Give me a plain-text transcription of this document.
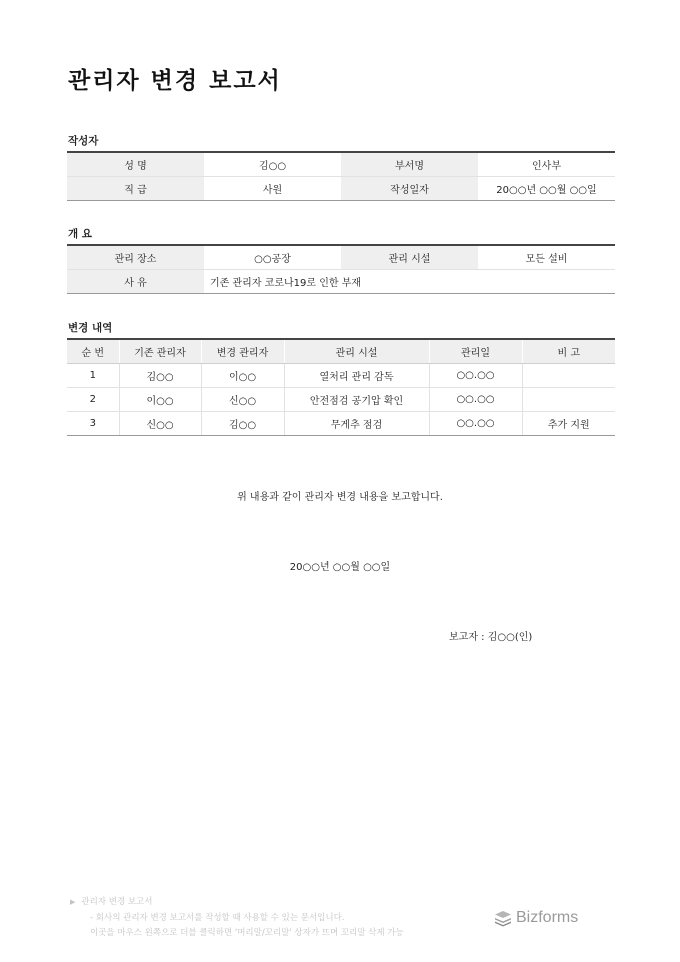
관리자 변경 보고서
작성자
성 명	김○○	부서명	인사부
직 급	사원	작성일자	20○○년 ○○월 ○○일
개 요
관리 장소	○○공장	관리 시설	모든 설비
사 유	기존 관리자 코로나19로 인한 부재		
변경 내역
순 번	기존 관리자	변경 관리자	관리 시설	관리일	비 고
1	김○○	이○○	열처리 관리 감독	○○.○○	
2	이○○	신○○	안전점검 공기압 확인	○○.○○	
3	신○○	김○○	무게추 점검	○○.○○	추가 지원
위 내용과 같이 관리자 변경 내용을 보고합니다.
20○○년 ○○월 ○○일
보고자 : 김○○(인)
▶ 관리자 변경 보고서
- 회사의 관리자 변경 보고서를 작성할 때 사용할 수 있는 문서입니다.
이곳을 마우스 왼쪽으로 더블 클릭하면 '머리말/꼬리말' 상자가 뜨며 꼬리말 삭제 가능
Bizforms
